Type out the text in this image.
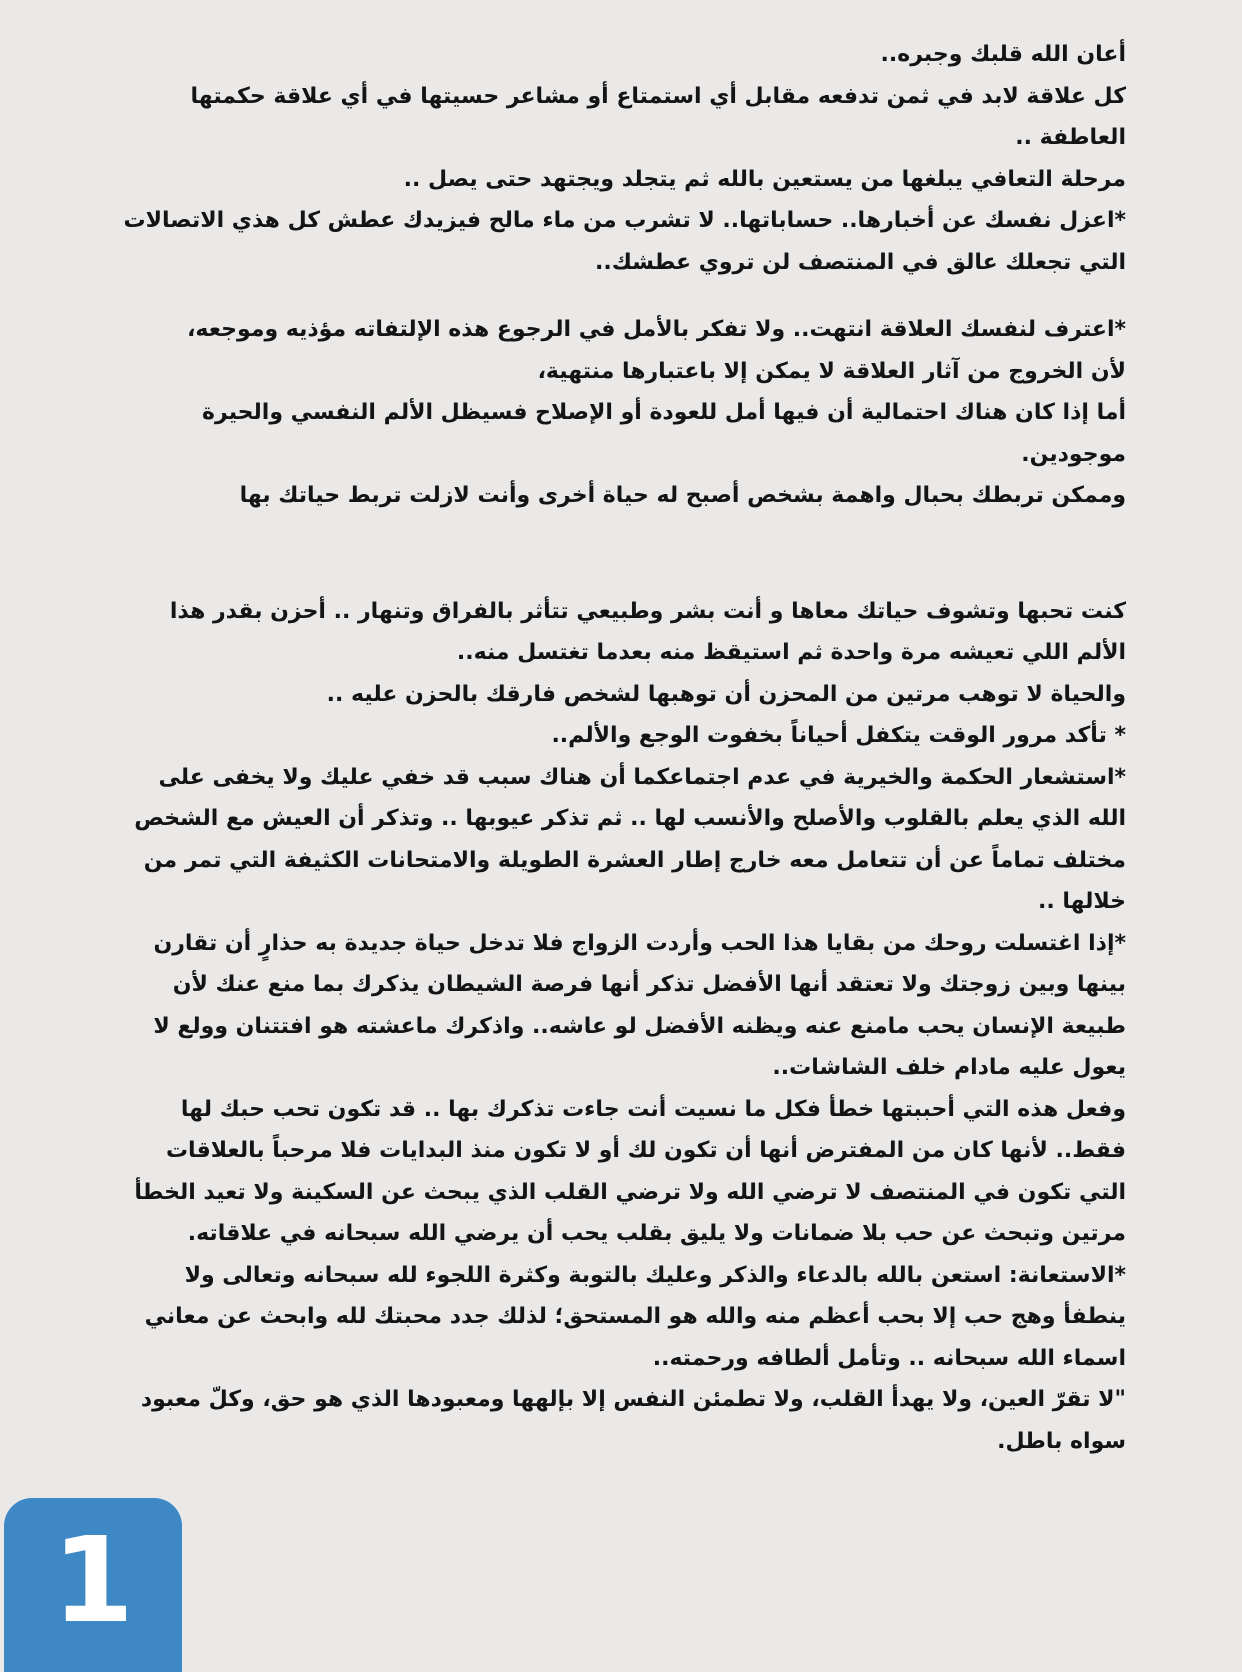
أعان الله قلبك وجبره..

كل علاقة لابد في ثمن تدفعه مقابل أي استمتاع أو مشاعر حسيتها في أي علاقة حكمتها العاطفة ..

مرحلة التعافي يبلغها من يستعين بالله ثم يتجلد ويجتهد حتى يصل ..

*اعزل نفسك عن أخبارها.. حساباتها.. لا تشرب من ماء مالح فيزيدك عطش كل هذي الاتصالات التي تجعلك عالق في المنتصف لن تروي عطشك..

*اعترف لنفسك العلاقة انتهت.. ولا تفكر بالأمل في الرجوع هذه الإلتفاته مؤذيه وموجعه،

لأن الخروج من آثار العلاقة لا يمكن إلا باعتبارها منتهية،

أما إذا كان هناك احتمالية أن فيها أمل للعودة أو الإصلاح فسيظل الألم النفسي والحيرة موجودين.

وممكن تربطك بحبال واهمة بشخص أصبح له حياة أخرى وأنت لازلت تربط حياتك بها

كنت تحبها وتشوف حياتك معاها و أنت بشر وطبيعي تتأثر بالفراق وتنهار .. أحزن بقدر هذا الألم اللي تعيشه مرة واحدة ثم استيقظ منه بعدما تغتسل منه..

والحياة لا توهب مرتين من المحزن أن توهبها لشخص فارقك بالحزن عليه ..

* تأكد مرور الوقت يتكفل أحياناً بخفوت الوجع والألم..

*استشعار الحكمة والخيرية في عدم اجتماعكما أن هناك سبب قد خفي عليك ولا يخفى على الله الذي يعلم بالقلوب والأصلح والأنسب لها .. ثم تذكر عيوبها .. وتذكر أن العيش مع الشخص مختلف تماماً عن أن تتعامل معه خارج إطار العشرة الطويلة والامتحانات الكثيفة التي تمر من خلالها ..

*إذا اغتسلت روحك من بقايا هذا الحب وأردت الزواج فلا تدخل حياة جديدة به حذارٍ أن تقارن بينها وبين زوجتك ولا تعتقد أنها الأفضل تذكر أنها فرصة الشيطان يذكرك بما منع عنك لأن طبيعة الإنسان يحب مامنع عنه ويظنه الأفضل لو عاشه.. واذكرك ماعشته هو افتتنان وولع لا يعول عليه مادام خلف الشاشات..

وفعل هذه التي أحببتها خطأ فكل ما نسيت أنت جاءت تذكرك بها .. قد تكون تحب حبك لها فقط.. لأنها كان من المفترض أنها أن تكون لك أو لا تكون منذ البدايات فلا مرحباً بالعلاقات التي تكون في المنتصف لا ترضي الله ولا ترضي القلب الذي يبحث عن السكينة ولا تعيد الخطأ مرتين وتبحث عن حب بلا ضمانات ولا يليق بقلب يحب أن يرضي الله سبحانه في علاقاته.

*الاستعانة: استعن بالله بالدعاء والذكر وعليك بالتوبة وكثرة اللجوء لله سبحانه وتعالى ولا ينطفأ وهج حب إلا بحب أعظم منه والله هو المستحق؛ لذلك جدد محبتك لله وابحث عن معاني اسماء الله سبحانه .. وتأمل ألطافه ورحمته..

"لا تقرّ العين، ولا يهدأ القلب، ولا تطمئن النفس إلا بإلهها ومعبودها الذي هو حق، وكلّ معبود سواه باطل.

1
